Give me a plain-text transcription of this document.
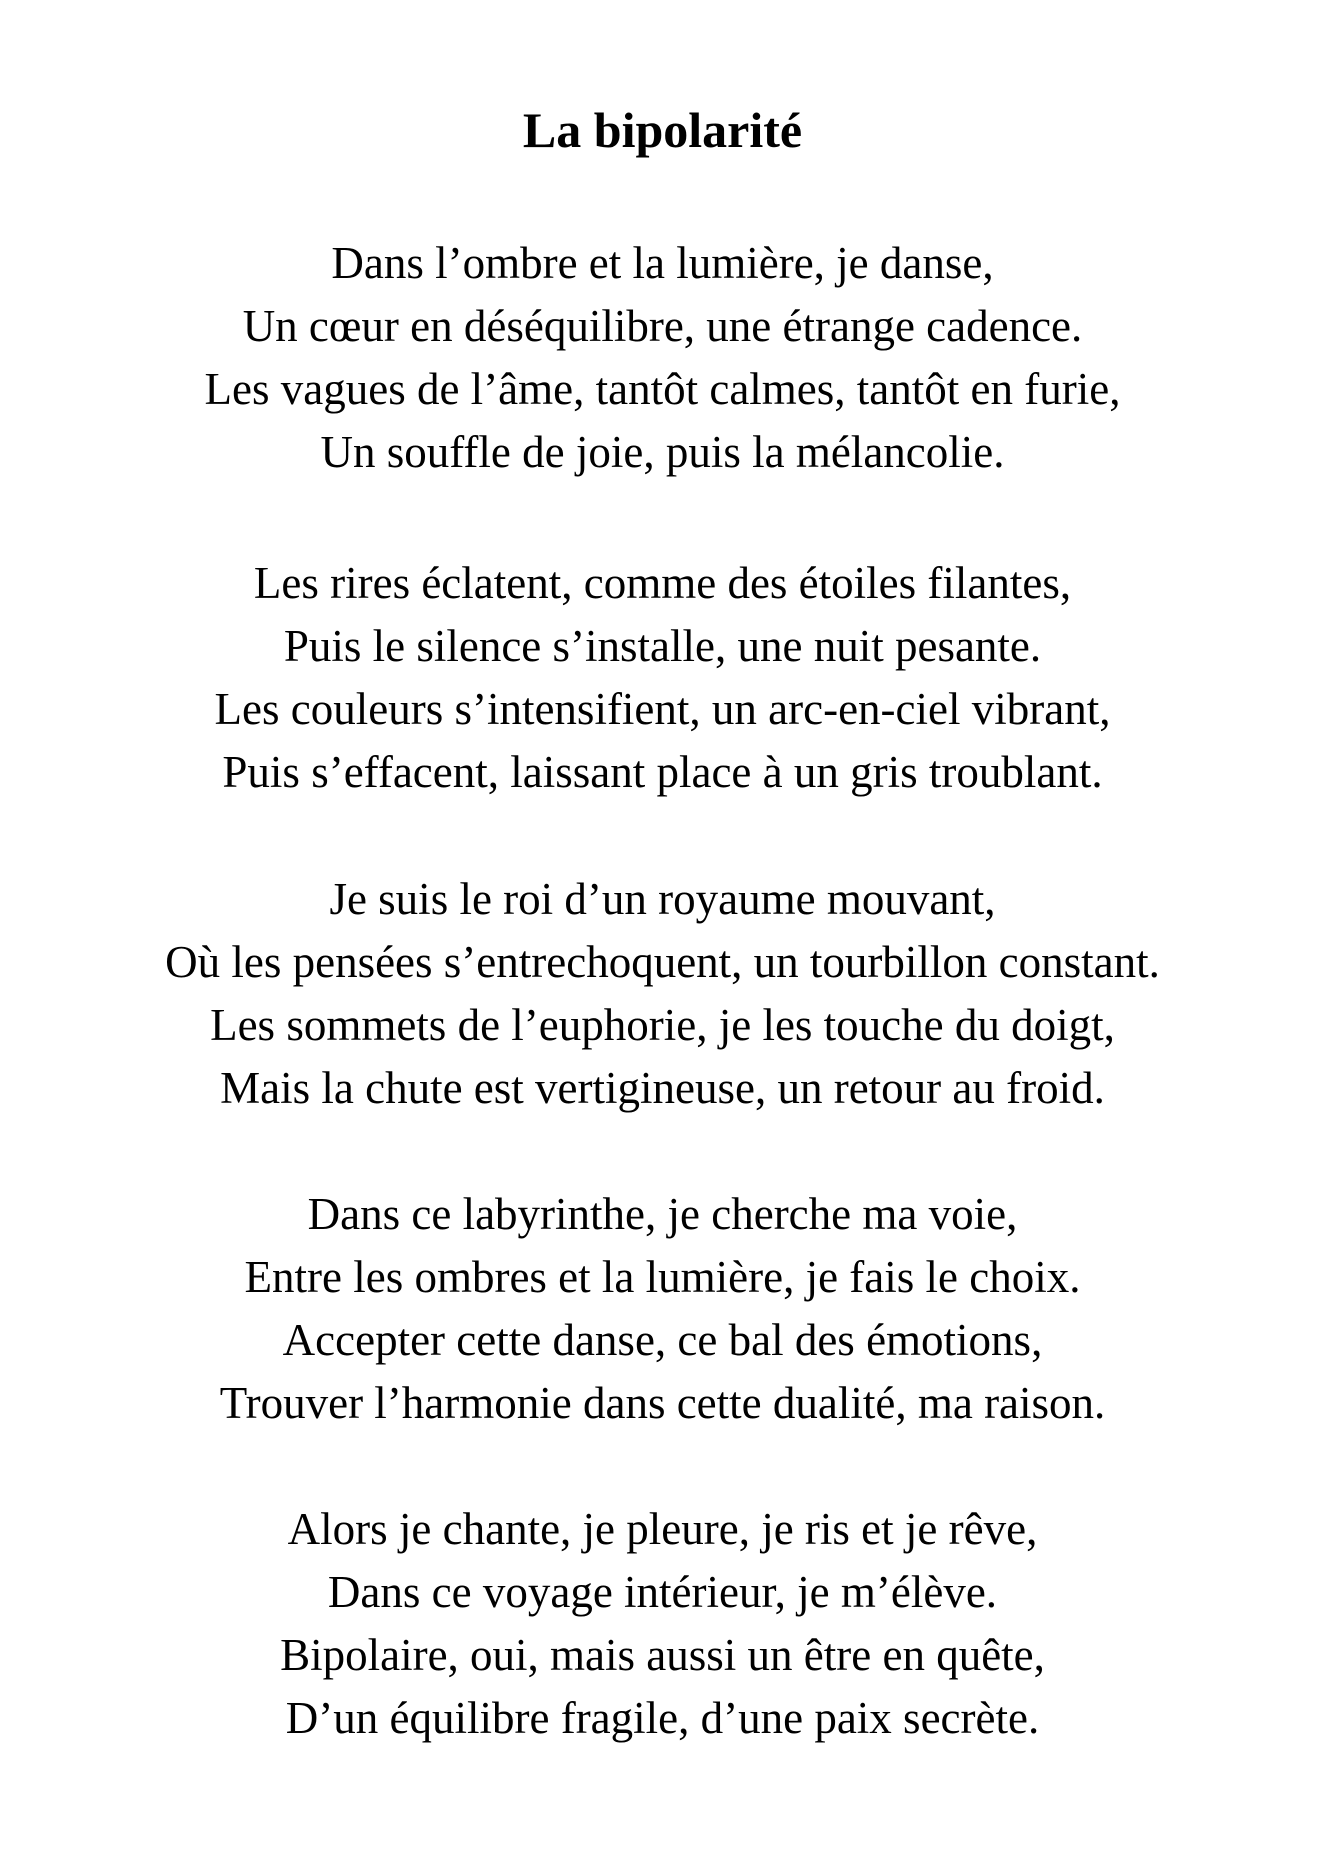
La bipolarité
Dans l’ombre et la lumière, je danse,
Un cœur en déséquilibre, une étrange cadence.
Les vagues de l’âme, tantôt calmes, tantôt en furie,
Un souffle de joie, puis la mélancolie.
Les rires éclatent, comme des étoiles filantes,
Puis le silence s’installe, une nuit pesante.
Les couleurs s’intensifient, un arc-en-ciel vibrant,
Puis s’effacent, laissant place à un gris troublant.
Je suis le roi d’un royaume mouvant,
Où les pensées s’entrechoquent, un tourbillon constant.
Les sommets de l’euphorie, je les touche du doigt,
Mais la chute est vertigineuse, un retour au froid.
Dans ce labyrinthe, je cherche ma voie,
Entre les ombres et la lumière, je fais le choix.
Accepter cette danse, ce bal des émotions,
Trouver l’harmonie dans cette dualité, ma raison.
Alors je chante, je pleure, je ris et je rêve,
Dans ce voyage intérieur, je m’élève.
Bipolaire, oui, mais aussi un être en quête,
D’un équilibre fragile, d’une paix secrète.
